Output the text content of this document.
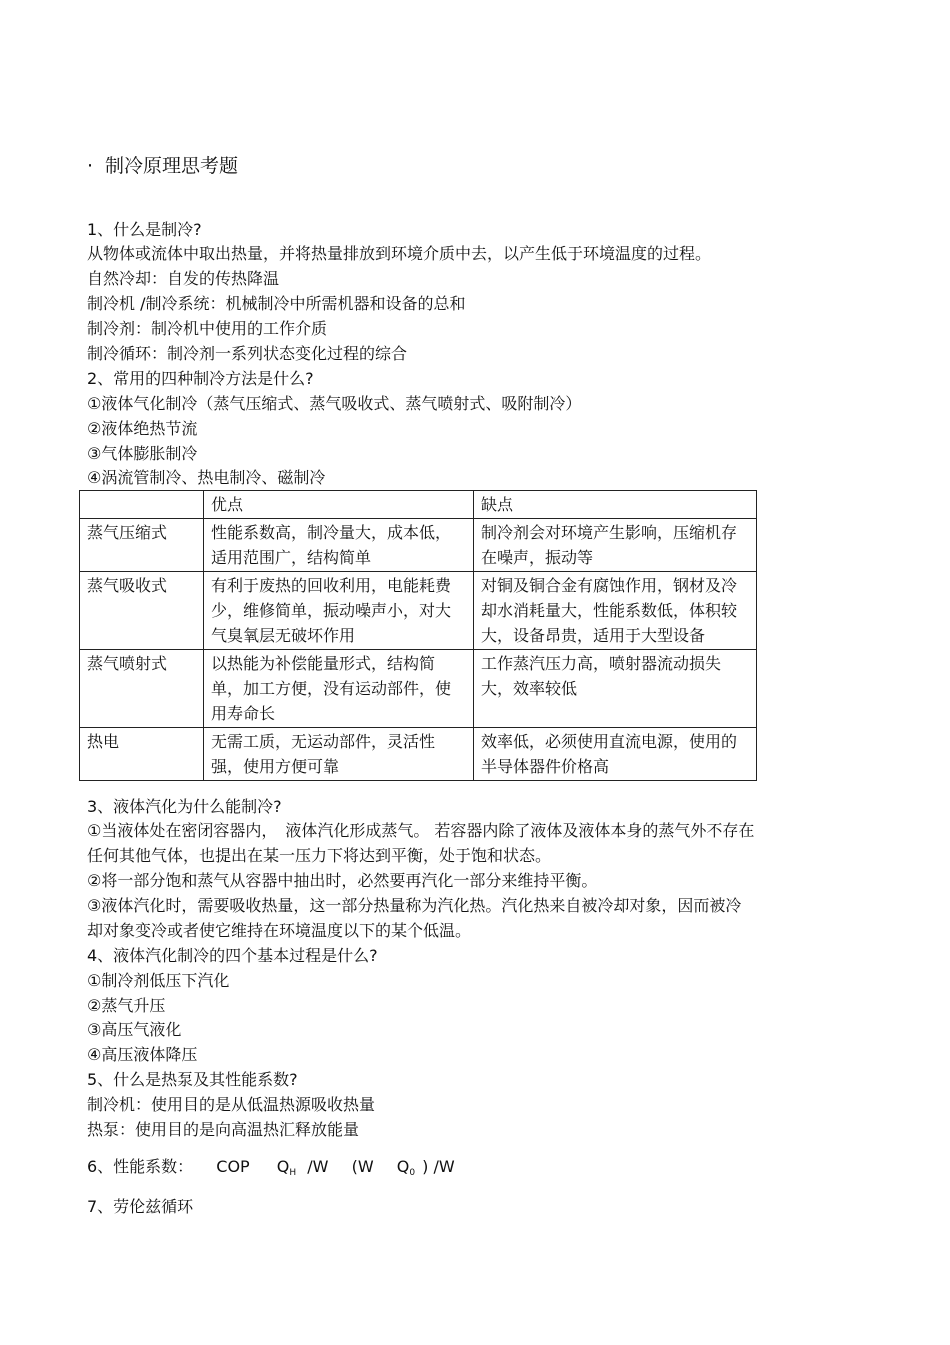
· 制冷原理思考题
1、什么是制冷?
从物体或流体中取出热量，并将热量排放到环境介质中去，以产生低于环境温度的过程。
自然冷却：自发的传热降温
制冷机 /制冷系统：机械制冷中所需机器和设备的总和
制冷剂：制冷机中使用的工作介质
制冷循环：制冷剂一系列状态变化过程的综合
2、常用的四种制冷方法是什么?
①液体气化制冷（蒸气压缩式、蒸气吸收式、蒸气喷射式、吸附制冷）
②液体绝热节流
③气体膨胀制冷
④涡流管制冷、热电制冷、磁制冷
	优点	缺点
蒸气压缩式	性能系数高，制冷量大，成本低，适用范围广，结构简单	制冷剂会对环境产生影响，压缩机存在噪声，振动等
蒸气吸收式	有利于废热的回收利用，电能耗费少，维修简单，振动噪声小，对大气臭氧层无破坏作用	对铜及铜合金有腐蚀作用，钢材及冷却水消耗量大，性能系数低，体积较大，设备昂贵，适用于大型设备
蒸气喷射式	以热能为补偿能量形式，结构简单，加工方便，没有运动部件，使用寿命长	工作蒸汽压力高，喷射器流动损失大，效率较低
热电	无需工质，无运动部件，灵活性强，使用方便可靠	效率低，必须使用直流电源，使用的半导体器件价格高
3、液体汽化为什么能制冷?
①当液体处在密闭容器内，　液体汽化形成蒸气。 若容器内除了液体及液体本身的蒸气外不存在
任何其他气体，也提出在某一压力下将达到平衡，处于饱和状态。
②将一部分饱和蒸气从容器中抽出时，必然要再汽化一部分来维持平衡。
③液体汽化时，需要吸收热量，这一部分热量称为汽化热。汽化热来自被冷却对象，因而被冷
却对象变冷或者使它维持在环境温度以下的某个低温。
4、液体汽化制冷的四个基本过程是什么?
①制冷剂低压下汽化
②蒸气升压
③高压气液化
④高压液体降压
5、什么是热泵及其性能系数?
制冷机：使用目的是从低温热源吸收热量
热泵：使用目的是向高温热汇释放能量
6、性能系数： COP QH /W (W Q0 ) /W
7、劳伦兹循环
